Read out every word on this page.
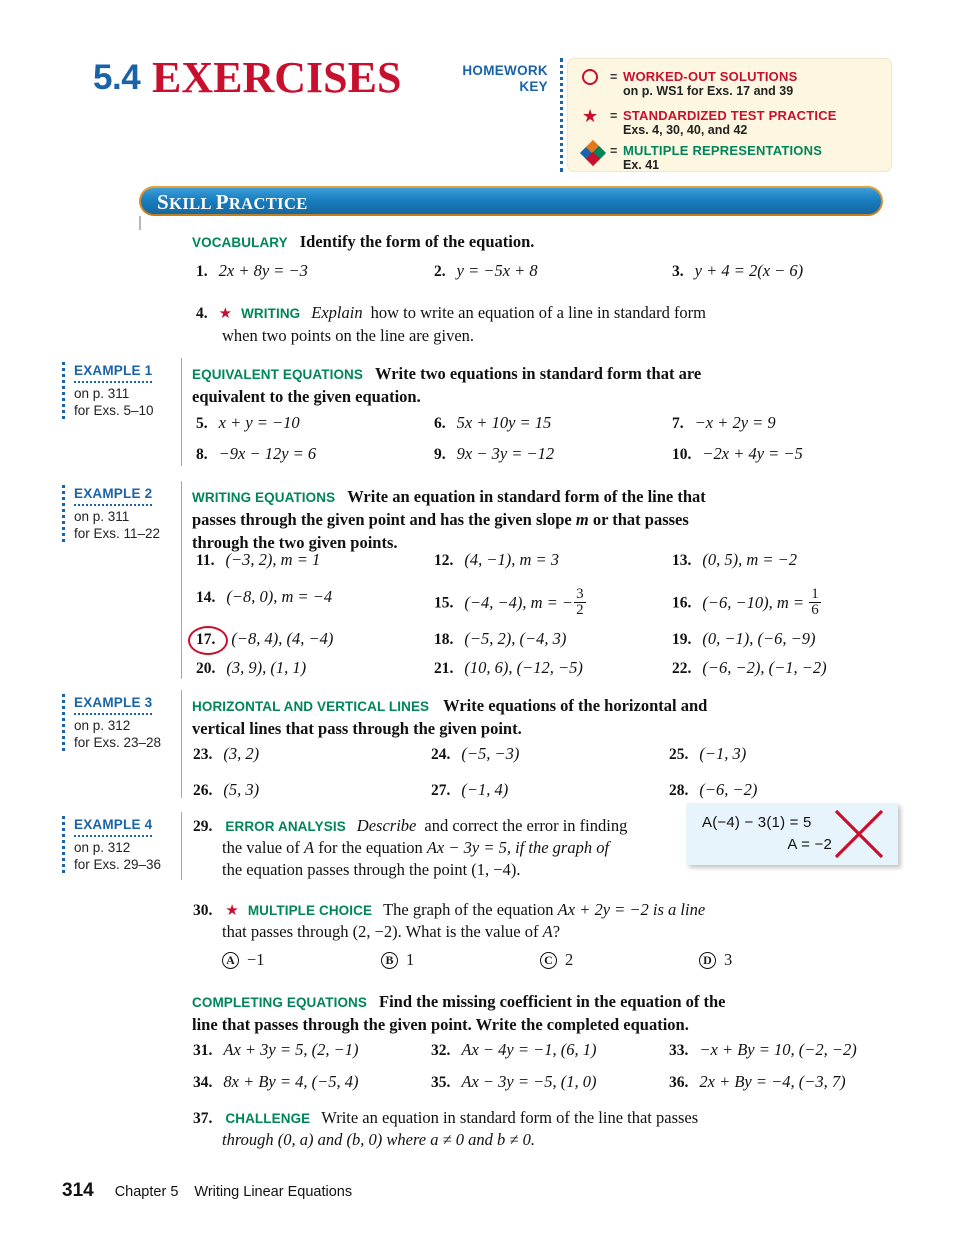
5.4 EXERCISES	HOMEWORK
KEY
= WORKED-OUT SOLUTIONS
on p. WS1 for Exs. 17 and 39
★ = STANDARDIZED TEST PRACTICE
Exs. 4, 30, 40, and 42
= MULTIPLE REPRESENTATIONS
Ex. 41
SKILL PRACTICE
VOCABULARY Identify the form of the equation.
1. 2x + 8y = −3	2. y = −5x + 8	3. y + 4 = 2(x − 6)
4. ★ WRITING Explain how to write an equation of a line in standard form
when two points on the line are given.
EXAMPLE 1
on p. 311
for Exs. 5–10
EQUIVALENT EQUATIONS Write two equations in standard form that are
equivalent to the given equation.
5. x + y = −10	6. 5x + 10y = 15	7. −x + 2y = 9
8. −9x − 12y = 6	9. 9x − 3y = −12	10. −2x + 4y = −5
EXAMPLE 2
on p. 311
for Exs. 11–22
WRITING EQUATIONS Write an equation in standard form of the line that
passes through the given point and has the given slope m or that passes
through the two given points.
11. (−3, 2), m = 1	12. (4, −1), m = 3	13. (0, 5), m = −2
14. (−8, 0), m = −4	15. (−4, −4), m = − $\frac{3}{2}$	16. (−6, −10), $m = \frac{1}{6}$
17. (−8, 4), (4, −4)	18. (−5, 2), (−4, 3)	19. (0, −1), (−6, −9)
20. (3, 9), (1, 1)	21. (10, 6), (−12, −5)	22. (−6, −2), (−1, −2)
EXAMPLE 3
on p. 312
for Exs. 23–28
HORIZONTAL AND VERTICAL LINES Write equations of the horizontal and
vertical lines that pass through the given point.
23. (3, 2)	24. (−5, −3)	25. (−1, 3)
26. (5, 3)	27. (−1, 4)	28. (−6, −2)
EXAMPLE 4
on p. 312
for Exs. 29–36
29. ERROR ANALYSIS Describe and correct the error in finding
the value of A for the equation Ax − 3y = 5, if the graph of
the equation passes through the point (1, −4).
A(−4) − 3(1) = 5
A = −2
30. ★ MULTIPLE CHOICE The graph of the equation Ax + 2y = −2 is a line
that passes through (2, −2). What is the value of A?
A −1	B 1	C 2	D 3
COMPLETING EQUATIONS Find the missing coefficient in the equation of the
line that passes through the given point. Write the completed equation.
31. Ax + 3y = 5, (2, −1)	32. Ax − 4y = −1, (6, 1)	33. −x + By = 10, (−2, −2)
34. 8x + By = 4, (−5, 4)	35. Ax − 3y = −5, (1, 0)	36. 2x + By = −4, (−3, 7)
37. CHALLENGE Write an equation in standard form of the line that passes
through (0, a) and (b, 0) where a ≠ 0 and b ≠ 0.
314 Chapter 5 Writing Linear Equations
